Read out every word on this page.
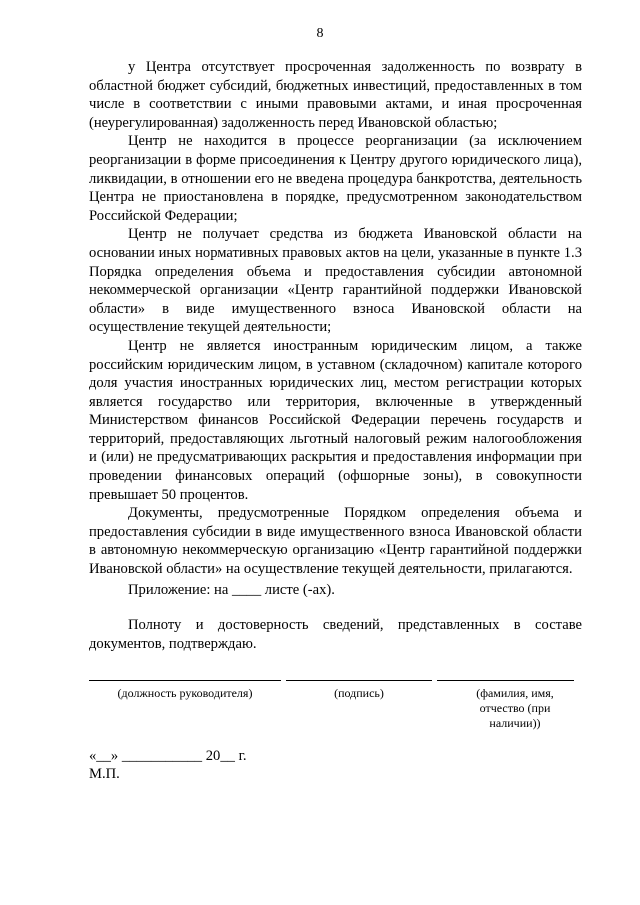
8

у Центра отсутствует просроченная задолженность по возврату в областной бюджет субсидий, бюджетных инвестиций, предоставленных в том числе в соответствии с иными правовыми актами, и иная просроченная (неурегулированная) задолженность перед Ивановской областью;

Центр не находится в процессе реорганизации (за исключением реорганизации в форме присоединения к Центру другого юридического лица), ликвидации, в отношении его не введена процедура банкротства, деятельность Центра не приостановлена в порядке, предусмотренном законодательством Российской Федерации;

Центр не получает средства из бюджета Ивановской области на основании иных нормативных правовых актов на цели, указанные в пункте 1.3 Порядка определения объема и предоставления субсидии автономной некоммерческой организации «Центр гарантийной поддержки Ивановской области» в виде имущественного взноса Ивановской области на осуществление текущей деятельности;

Центр не является иностранным юридическим лицом, а также российским юридическим лицом, в уставном (складочном) капитале которого доля участия иностранных юридических лиц, местом регистрации которых является государство или территория, включенные в утвержденный Министерством финансов Российской Федерации перечень государств и территорий, предоставляющих льготный налоговый режим налогообложения и (или) не предусматривающих раскрытия и предоставления информации при проведении финансовых операций (офшорные зоны), в совокупности превышает 50 процентов.

Документы, предусмотренные Порядком определения объема и предоставления субсидии в виде имущественного взноса Ивановской области в автономную некоммерческую организацию «Центр гарантийной поддержки Ивановской области» на осуществление текущей деятельности, прилагаются.

Приложение: на ____ листе (-ах).
Полноту и достоверность сведений, представленных в составе документов, подтверждаю.
(должность руководителя)	(подпись)	(фамилия, имя, отчество (при наличии))
«__» ___________ 20__ г.
М.П.
